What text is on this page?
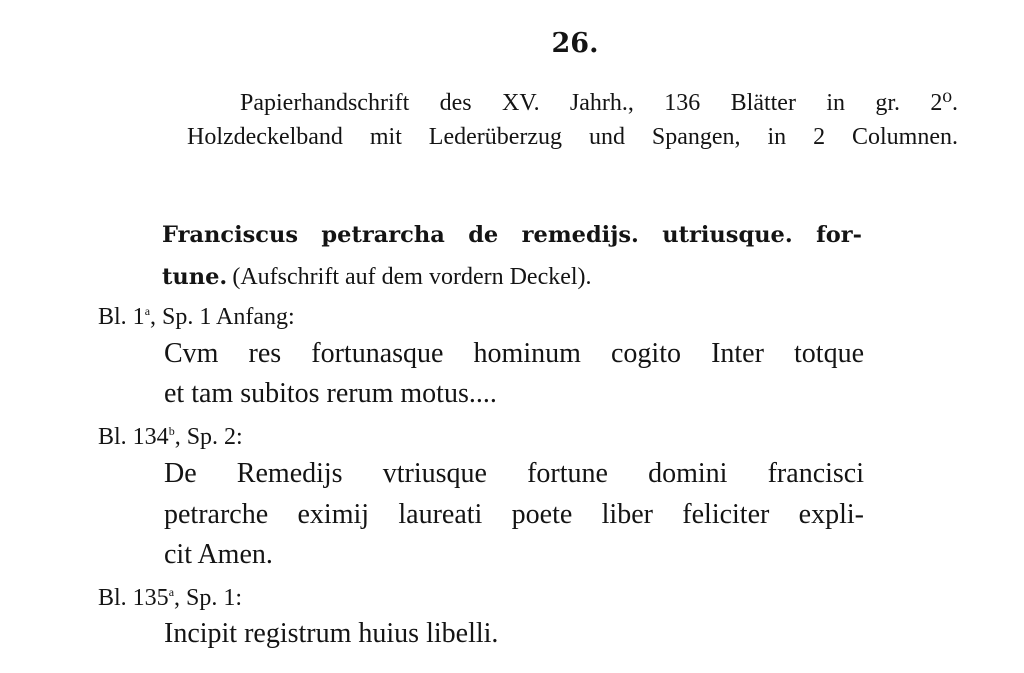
26.
Papierhandschrift des XV. Jahrh., 136 Blätter in gr. 2⁰.
Holzdeckelband mit Lederüberzug und Spangen, in 2 Columnen.
Franciscus petrarcha de remedijs. utriusque. for-
tune. (Aufschrift auf dem vordern Deckel).
Bl. 1$^a$, Sp. 1 Anfang:
Cvm res fortunasque hominum cogito Inter totque
et tam subitos rerum motus....
Bl. 134$^b$, Sp. 2:
De Remedijs vtriusque fortune domini francisci
petrarche eximij laureati poete liber feliciter expli-
cit Amen.
Bl. 135$^a$, Sp. 1:
Incipit registrum huius libelli.
